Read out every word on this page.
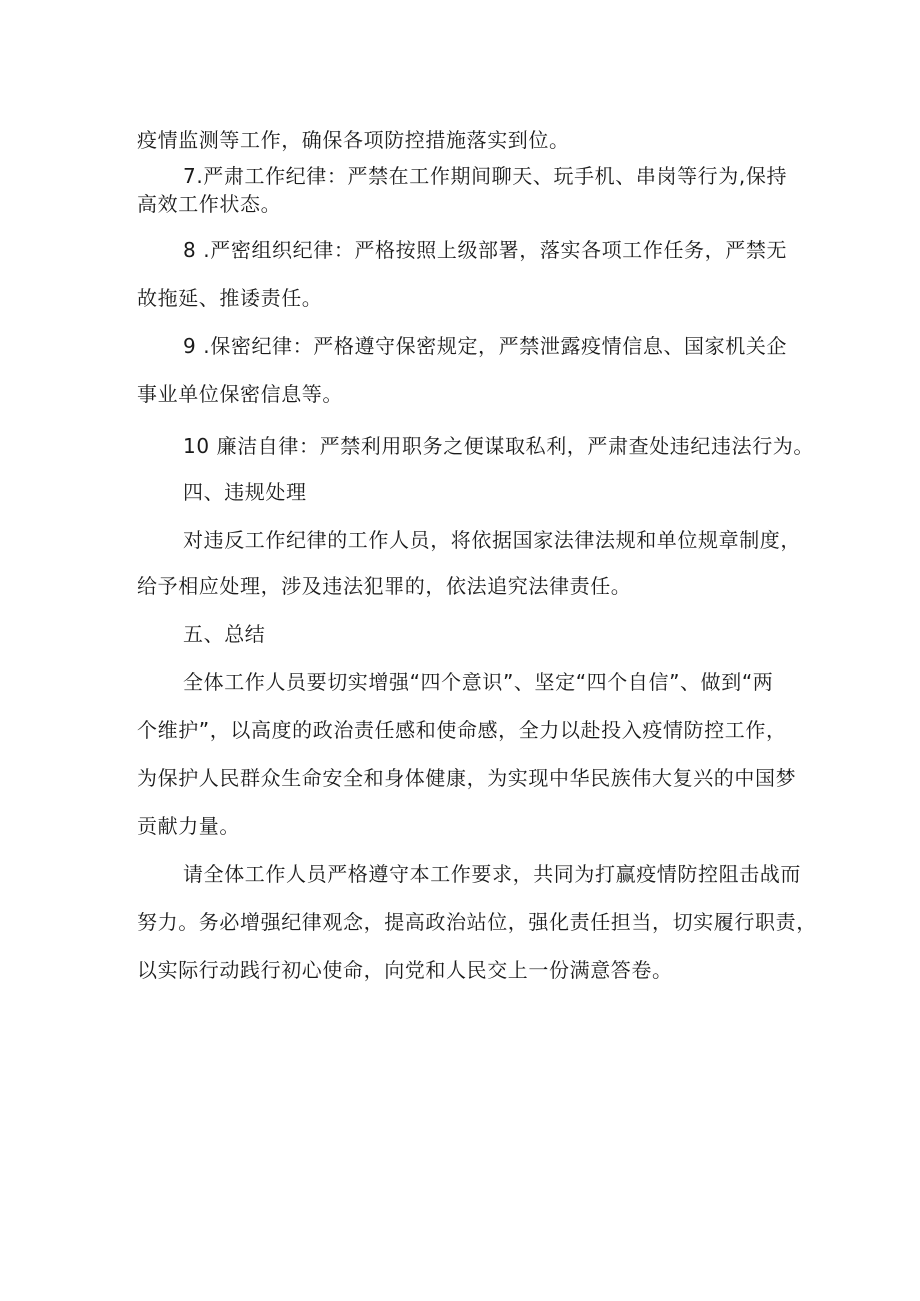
疫情监测等工作，确保各项防控措施落实到位。
7.严肃工作纪律：严禁在工作期间聊天、玩手机、串岗等行为,保持
高效工作状态。
8 .严密组织纪律：严格按照上级部署，落实各项工作任务，严禁无
故拖延、推诿责任。
9 .保密纪律：严格遵守保密规定，严禁泄露疫情信息、国家机关企
事业单位保密信息等。
10 廉洁自律：严禁利用职务之便谋取私利，严肃查处违纪违法行为。
四、违规处理
对违反工作纪律的工作人员，将依据国家法律法规和单位规章制度，
给予相应处理，涉及违法犯罪的，依法追究法律责任。
五、总结
全体工作人员要切实增强“四个意识”、坚定“四个自信”、做到“两
个维护”，以高度的政治责任感和使命感，全力以赴投入疫情防控工作，
为保护人民群众生命安全和身体健康，为实现中华民族伟大复兴的中国梦
贡献力量。
请全体工作人员严格遵守本工作要求，共同为打赢疫情防控阻击战而
努力。务必增强纪律观念，提高政治站位，强化责任担当，切实履行职责，
以实际行动践行初心使命，向党和人民交上一份满意答卷。
